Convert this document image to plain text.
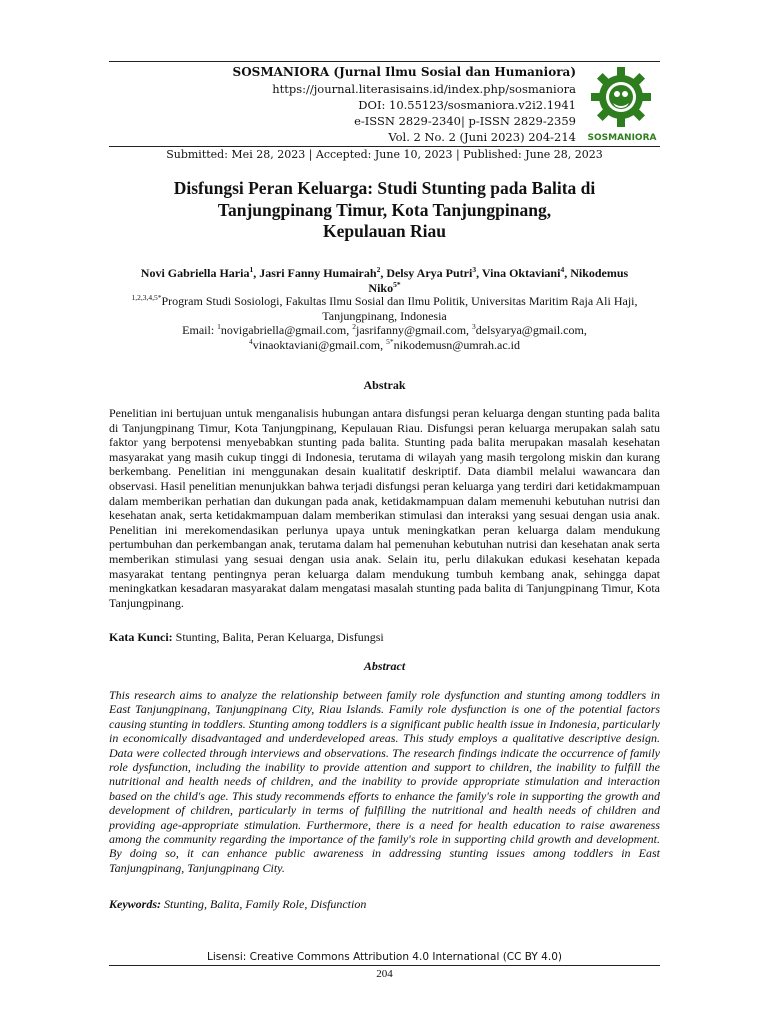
SOSMANIORA (Jurnal Ilmu Sosial dan Humaniora)
https://journal.literasisains.id/index.php/sosmaniora
DOI: 10.55123/sosmaniora.v2i2.1941
e-ISSN 2829-2340| p-ISSN 2829-2359
Vol. 2 No. 2 (Juni 2023) 204-214 SOSMANIORA
Submitted: Mei 28, 2023 | Accepted: June 10, 2023 | Published: June 28, 2023
Disfungsi Peran Keluarga: Studi Stunting pada Balita di
Tanjungpinang Timur, Kota Tanjungpinang,
Kepulauan Riau
Novi Gabriella Haria$^1$, Jasri Fanny Humairah$^2$, Delsy Arya Putri$^3$, Vina Oktaviani$^4$, Nikodemus
Niko$^{5*}$
$^{1,2,3,4,5*}$Program Studi Sosiologi, Fakultas Ilmu Sosial dan Ilmu Politik, Universitas Maritim Raja Ali Haji,
Tanjungpinang, Indonesia
Email: $^1$novigabriella@gmail.com, $^2$jasrifanny@gmail.com, $^3$delsyarya@gmail.com,
$^4$vinaoktaviani@gmail.com, $^{5*}$nikodemusn@umrah.ac.id
Abstrak
Penelitian ini bertujuan untuk menganalisis hubungan antara disfungsi peran keluarga dengan stunting pada balita di Tanjungpinang Timur, Kota Tanjungpinang, Kepulauan Riau. Disfungsi peran keluarga merupakan salah satu faktor yang berpotensi menyebabkan stunting pada balita. Stunting pada balita merupakan masalah kesehatan masyarakat yang masih cukup tinggi di Indonesia, terutama di wilayah yang masih tergolong miskin dan kurang berkembang. Penelitian ini menggunakan desain kualitatif deskriptif. Data diambil melalui wawancara dan observasi. Hasil penelitian menunjukkan bahwa terjadi disfungsi peran keluarga yang terdiri dari ketidakmampuan dalam memberikan perhatian dan dukungan pada anak, ketidakmampuan dalam memenuhi kebutuhan nutrisi dan kesehatan anak, serta ketidakmampuan dalam memberikan stimulasi dan interaksi yang sesuai dengan usia anak. Penelitian ini merekomendasikan perlunya upaya untuk meningkatkan peran keluarga dalam mendukung pertumbuhan dan perkembangan anak, terutama dalam hal pemenuhan kebutuhan nutrisi dan kesehatan anak serta memberikan stimulasi yang sesuai dengan usia anak. Selain itu, perlu dilakukan edukasi kesehatan kepada masyarakat tentang pentingnya peran keluarga dalam mendukung tumbuh kembang anak, sehingga dapat meningkatkan kesadaran masyarakat dalam mengatasi masalah stunting pada balita di Tanjungpinang Timur, Kota Tanjungpinang.
Kata Kunci: Stunting, Balita, Peran Keluarga, Disfungsi
Abstract
This research aims to analyze the relationship between family role dysfunction and stunting among toddlers in East Tanjungpinang, Tanjungpinang City, Riau Islands. Family role dysfunction is one of the potential factors causing stunting in toddlers. Stunting among toddlers is a significant public health issue in Indonesia, particularly in economically disadvantaged and underdeveloped areas. This study employs a qualitative descriptive design. Data were collected through interviews and observations. The research findings indicate the occurrence of family role dysfunction, including the inability to provide attention and support to children, the inability to fulfill the nutritional and health needs of children, and the inability to provide appropriate stimulation and interaction based on the child's age. This study recommends efforts to enhance the family's role in supporting the growth and development of children, particularly in terms of fulfilling the nutritional and health needs of children and providing age-appropriate stimulation. Furthermore, there is a need for health education to raise awareness among the community regarding the importance of the family's role in supporting child growth and development. By doing so, it can enhance public awareness in addressing stunting issues among toddlers in East Tanjungpinang, Tanjungpinang City.
Keywords: Stunting, Balita, Family Role, Disfunction
Lisensi: Creative Commons Attribution 4.0 International (CC BY 4.0)
204
